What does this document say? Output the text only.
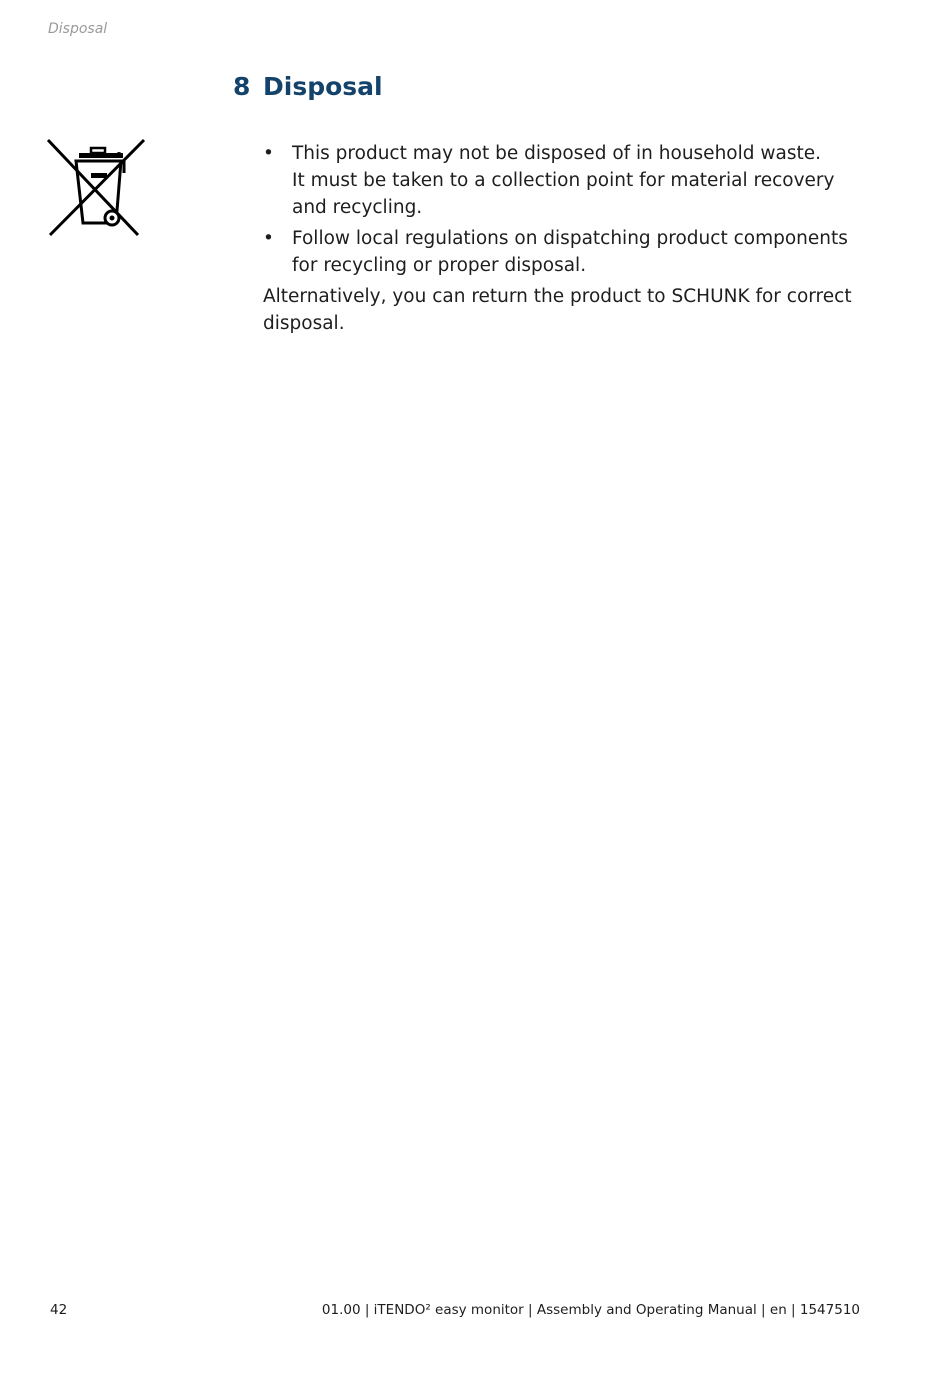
Disposal
8 Disposal
• This product may not be disposed of in household waste.
It must be taken to a collection point for material recovery
and recycling.
• Follow local regulations on dispatching product components
for recycling or proper disposal.

Alternatively, you can return the product to SCHUNK for correct
disposal.

42	01.00 | iTENDO² easy monitor | Assembly and Operating Manual | en | 1547510
